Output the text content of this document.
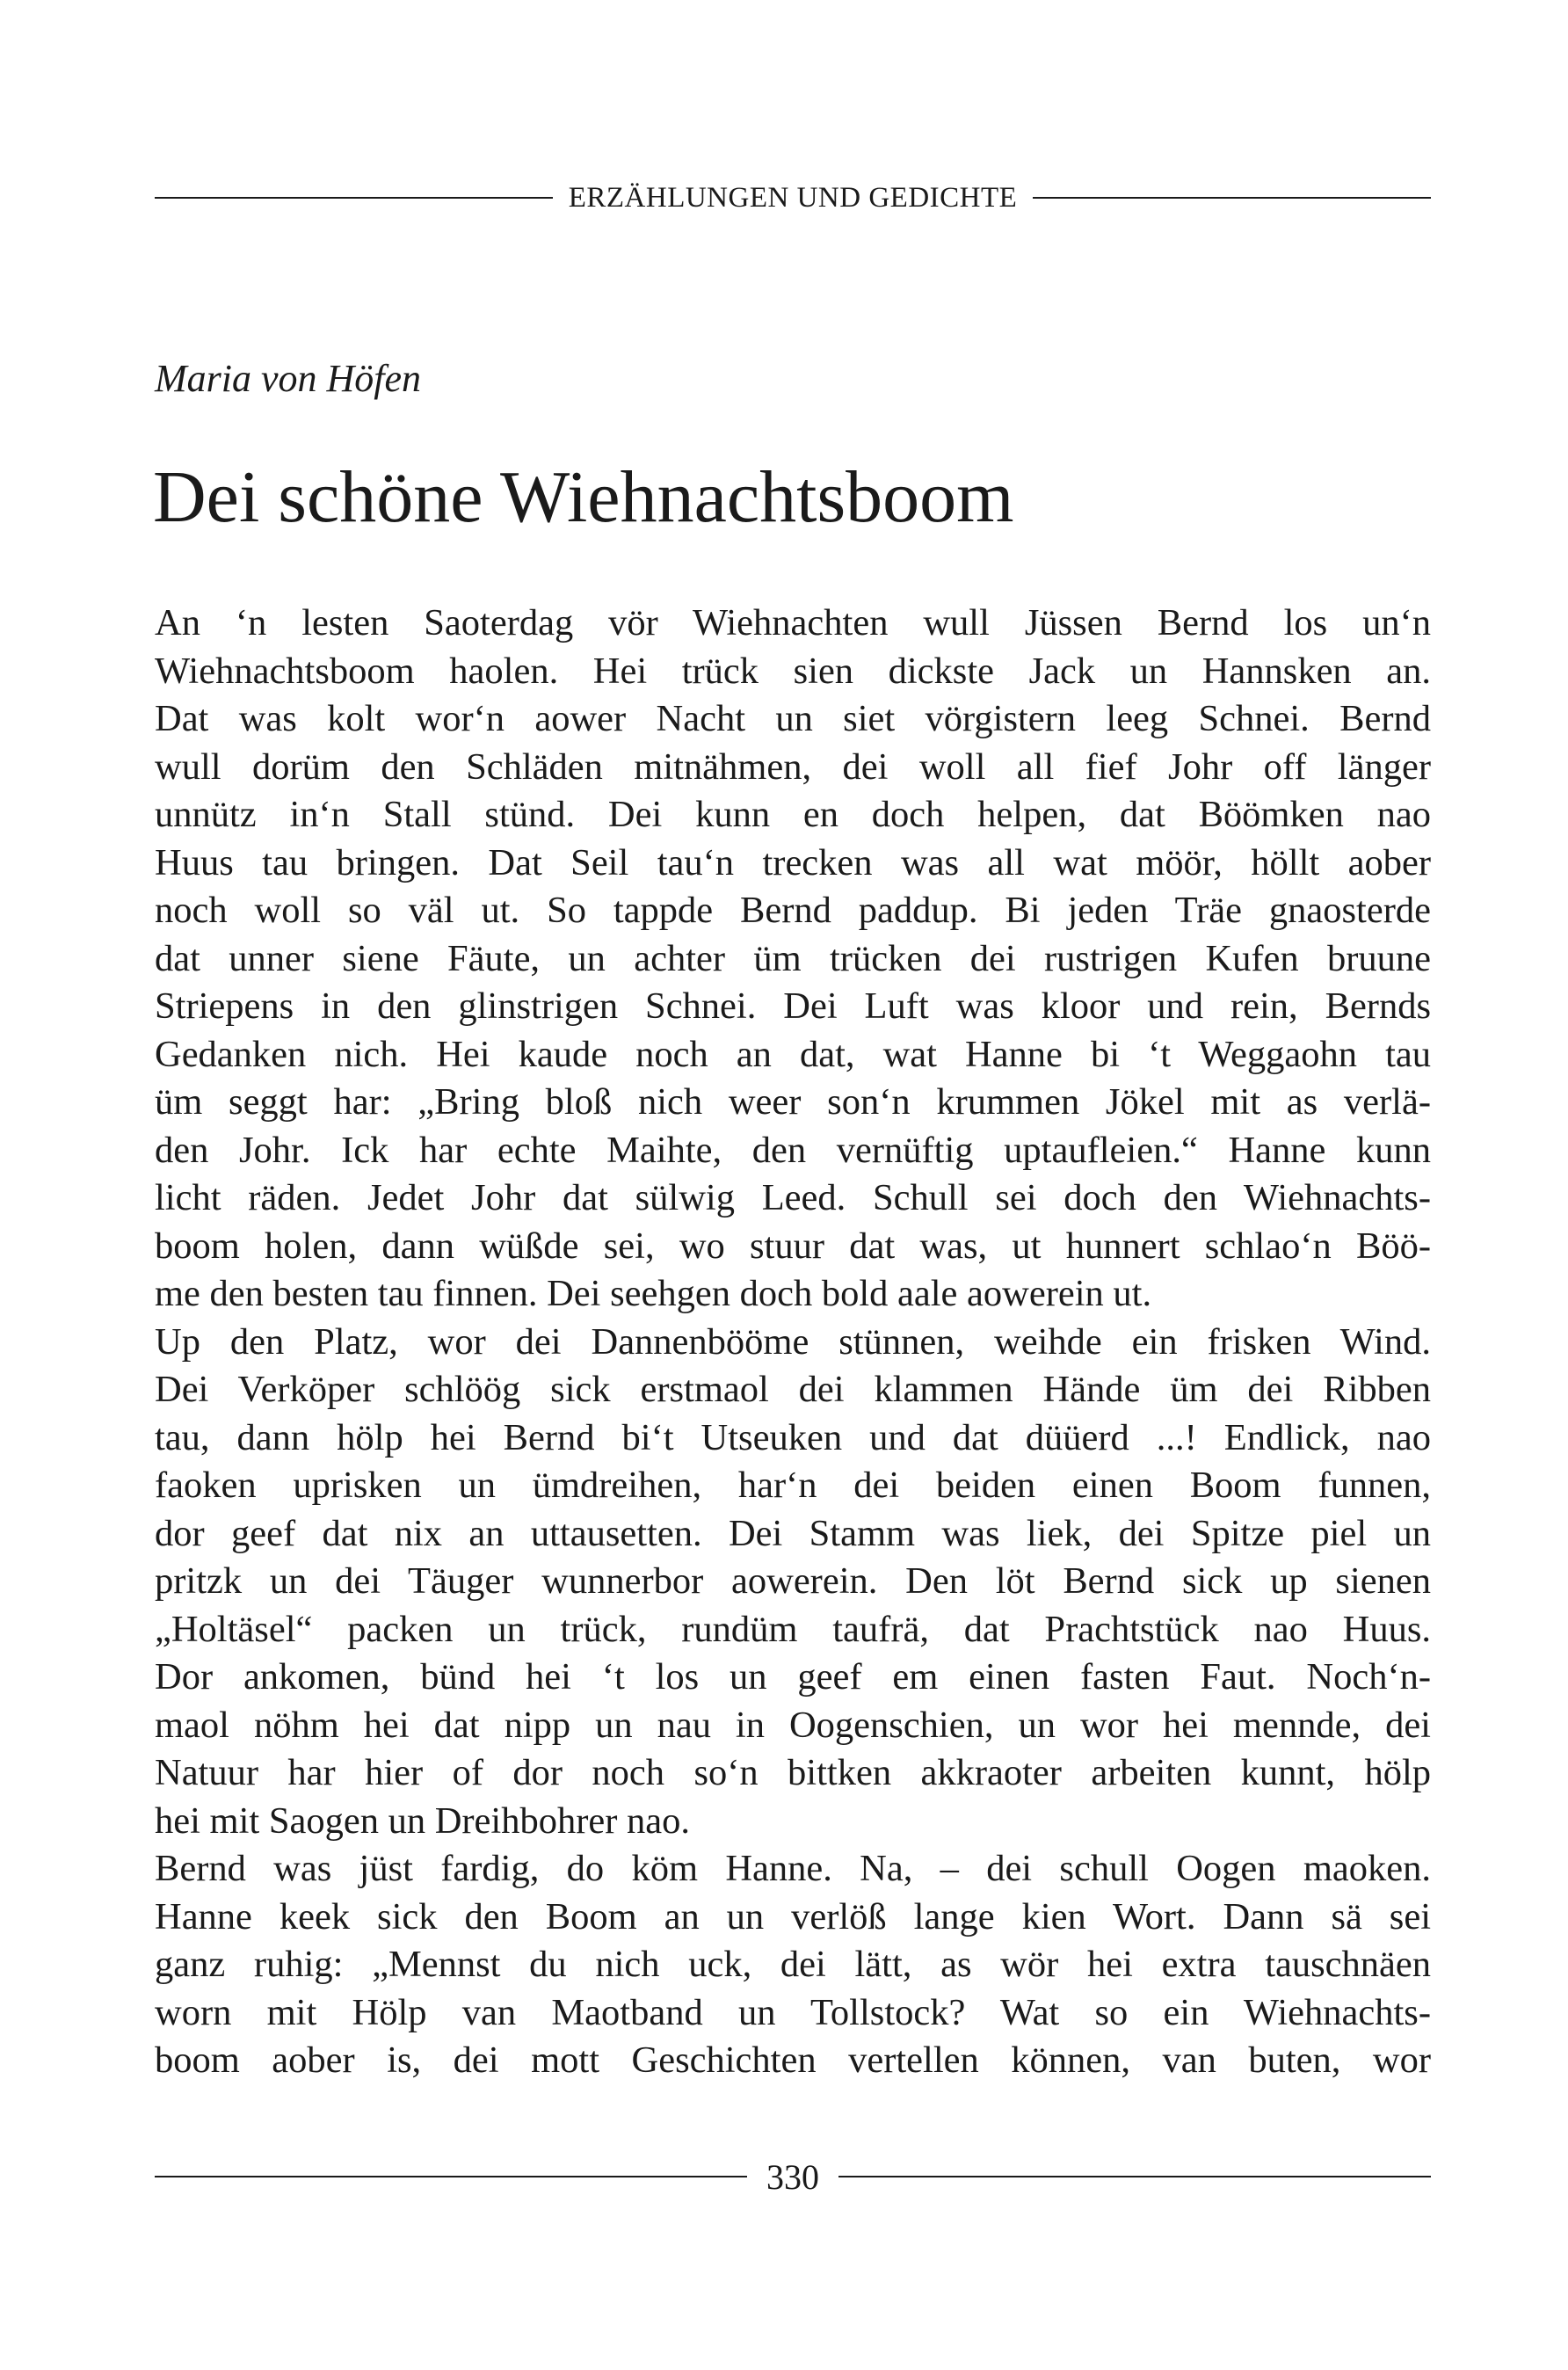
ERZÄHLUNGEN UND GEDICHTE
Maria von Höfen
Dei schöne Wiehnachtsboom
An ‘n lesten Saoterdag vör Wiehnachten wull Jüssen Bernd los un‘n
Wiehnachtsboom haolen. Hei trück sien dickste Jack un Hannsken an.
Dat was kolt wor‘n aower Nacht un siet vörgistern leeg Schnei. Bernd
wull dorüm den Schläden mitnähmen, dei woll all fief Johr off länger
unnütz in‘n Stall stünd. Dei kunn en doch helpen, dat Böömken nao
Huus tau bringen. Dat Seil tau‘n trecken was all wat möör, höllt aober
noch woll so väl ut. So tappde Bernd paddup. Bi jeden Träe gnaosterde
dat unner siene Fäute, un achter üm trücken dei rustrigen Kufen bruune
Striepens in den glinstrigen Schnei. Dei Luft was kloor und rein, Bernds
Gedanken nich. Hei kaude noch an dat, wat Hanne bi ‘t Weggaohn tau
üm seggt har: „Bring bloß nich weer son‘n krummen Jökel mit as verlä-
den Johr. Ick har echte Maihte, den vernüftig uptaufleien.“ Hanne kunn
licht räden. Jedet Johr dat sülwig Leed. Schull sei doch den Wiehnachts-
boom holen, dann wüßde sei, wo stuur dat was, ut hunnert schlao‘n Böö-
me den besten tau finnen. Dei seehgen doch bold aale aowerein ut.
Up den Platz, wor dei Dannenbööme stünnen, weihde ein frisken Wind.
Dei Verköper schlöög sick erstmaol dei klammen Hände üm dei Ribben
tau, dann hölp hei Bernd bi‘t Utseuken und dat düüerd ...! Endlick, nao
faoken uprisken un ümdreihen, har‘n dei beiden einen Boom funnen,
dor geef dat nix an uttausetten. Dei Stamm was liek, dei Spitze piel un
pritzk un dei Täuger wunnerbor aowerein. Den löt Bernd sick up sienen
„Holtäsel“ packen un trück, rundüm taufrä, dat Prachtstück nao Huus.
Dor ankomen, bünd hei ‘t los un geef em einen fasten Faut. Noch‘n-
maol nöhm hei dat nipp un nau in Oogenschien, un wor hei mennde, dei
Natuur har hier of dor noch so‘n bittken akkraoter arbeiten kunnt, hölp
hei mit Saogen un Dreihbohrer nao.
Bernd was jüst fardig, do köm Hanne. Na, – dei schull Oogen maoken.
Hanne keek sick den Boom an un verlöß lange kien Wort. Dann sä sei
ganz ruhig: „Mennst du nich uck, dei lätt, as wör hei extra tauschnäen
worn mit Hölp van Maotband un Tollstock? Wat so ein Wiehnachts-
boom aober is, dei mott Geschichten vertellen können, van buten, wor
330
